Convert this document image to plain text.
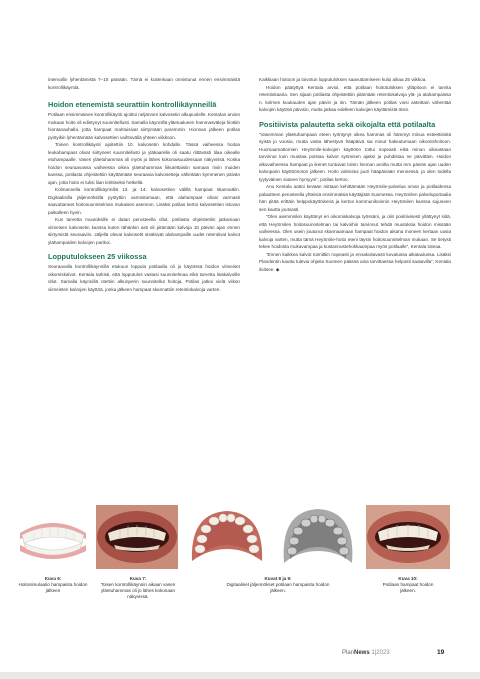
intervallin lyhentämistä 7–10 päivään. Tämä ei kuitenkaan onnistunut ennen ensimmäistä kontrollikäyntiä.

Hoidon etenemistä seurattiin kontrollikäynneillä

Potilaan ensimmäinen kontrollikäynti ajoittui neljännen kalvosetin alkupuolelle. Kentalan arvion mukaan hoito oli edistynyt suunnitellusti. Samalla käynnillä yläetualueen hammasväleja hiottiin hiontanauhalla, jotta hampaat mahtuisivat siirtymään paremmin. Hionnan jälkeen potilas pystyikin lyhentämään kalvosettien vaihtoväliä yhteen viikkoon.

Toinen kontrollikäynti ajoitettiin 10. kalvosetin kohdalle. Tässä vaiheessa hoitoa leukahampaat olivat siirtyneet suunnitellusti ja yläkaarelle oli saatu riittävästi tilaa oikealle etuhampaalle. Vasen yläetuhammas oli myös jo lähes kokonaisuudessaan näkyvissä. Koska hoidon seuraavassa vaiheessa oikea yläetuhammas liikutettaisiin samaan riviin muiden kanssa, potilasta ohjeistettiin käyttämään seuraavia kalvosetteja vähintään kymmenen päivän ajan, jotta hoito ei tulisi liian kriittiseksi hetkellä.

Kolmannella kontrollikäynnillä 13. ja 14. kalvosettien välillä hampaat skannattiin. Digitaalisilla jäljennöksillä pystyttiin varmistamaan, että alahampaat olivat varmasti saavuttaneet hoitosuunnitelman mukaisen asennon. Lisäksi potilas kertoi kalvosettien istuvan paikalleen hyvin.

Kun tarvetta muutoksille ei datan perusteella ollut, potilasta ohjeistettiin jatkamaan viimeisen kalvosetin kanssa kuten tähänkin asti eli pitämään kalvoja 10 päivän ajan ennen siirtymistä seuraaviin. Jäljellä olevat kalvosetit sisälsivät alahampaille uudet retentiivat kalvot ylähampaiden kalvojen parikoi.

Lopputulokseen 25 viikossa

Seuraavalla kontrollikäynnillä etukuun loppula potilaalla oli jo käytössä hoidon viimeiset oikomiskalvot. Kentala tarkisti, että lopputulos vastasi suunnitelmaa eikä tarvetta lisäkalvoille ollut. Samalla käynnillä otettiin alkunperin suunnitellut hoitoja. Potilas jatkoi vielä viikon viimeisten kalvojen käyttöä, jonka jälkeen hampaat skannattiin retentiokalvoja varten.

Kaikkiaan hoitoon ja toivotun lopputuloksen saavuttamiseen kului aikaa 25 viikkoa.

Hoidon päätyttyä Kentala arvioi, että potilaan hoitotuloksen ylläpitoon ei tarvita retentiokaaria. Sen sijaan potilasta ohjeistettiin pitämään retentiokalvoja ylä- ja alahampaissa n. kolmen kuukauden ajan päivin ja öin. Tämän jälkeen potilas voisi asteittain vähentää kalvojen käyttöä päivisin, mutta jatkaa edelleen kalvojen käyttämistä öisin.

Positiivista palautetta sekä oikojalta että potilaalta

”Vasemman yläetuhampaan eteen työntynyt oikea hammas oli hämmyt minua esteettisistä syistä jo vuosia, mutta vasta lähestyvä hääpäivä sai minut hakeutumaan oikomishoitoon. Huomaamattomien HeySmile-kalvojen käyttöön tottui nopeasti eikä minun oikeastaan tarvinnut kuin muistaa poistaa kalvot syömisen ajaksi ja puhdistaa ne päivittäin. Hoidon alkuvaiheessa hampaat ja ikenet tuntuivat toisin hieman aroilta mutta mm päivän ajan uuden kalvoparin käyttöönoton jälkeen. Hoito valmistui juuri hääpäivään mennessä, ja olen todella tyytyväinen siuteen hymyyni”, potilas kertoo.

Anu Kentala aattoi kevään mittaan kehittämään HeySmile-palvelua oman ja potilaidensa palautteen perusteella yhteisiä ensimmäisiä käyttäjistä Suomessa. HeySmilen palveluportaalia hän pitää erittäin helppokäyttöisenä ja kertoo kommunikoinnin HeySmilen kanssa sujuneen sen kautta joutvasti.

”Olen aiemminkin käyttänyt eri oikomiskalvoja työssäni, ja olin positiivisesti yllättynyt siitä, että HeySmilen hoitosuunnitelman tai kalvoihin tarvinnut tehdä muutoksia hoidon missään vaiheessa. Olen usein joutunut skannaamaan hampaat hoidon aikana moneen kertaan uusia kalvoja varten, mutta tämä HeySmile-hoito eteni täysin hoitosuunnitelman mukaan. Se tietysti tekee hoidosta mukavampaa ja kustannustehokkaampaa myös potilaalle”, Kentala toteaa.

”Ennen kaikkea kalvot toimittiin nopeasti ja ennakoitavasti kuvatussa aikataulussa. Lisäksi Plandentin kautta tulevia ohjeita Suomen päässä aina tarvittaessa helposti saatavilla”, Kentala iloitsee. ◆

Kuva 6:
Hoitosimulaatio hampaista hoidon jälkeen
Kuva 7:
Toisen kontrollikäynnin aikaan vasen yläetuhammas oli jo lähes kokonaan näkyvissä.
Kuvat 8 ja 9:
Digitaaliset jäljennökset potilaan hampaista hoidon jälkeen.
Kuva 10:
Potilaan hampaat hoidon jälkeen.
PlanNews 1|2023	19
